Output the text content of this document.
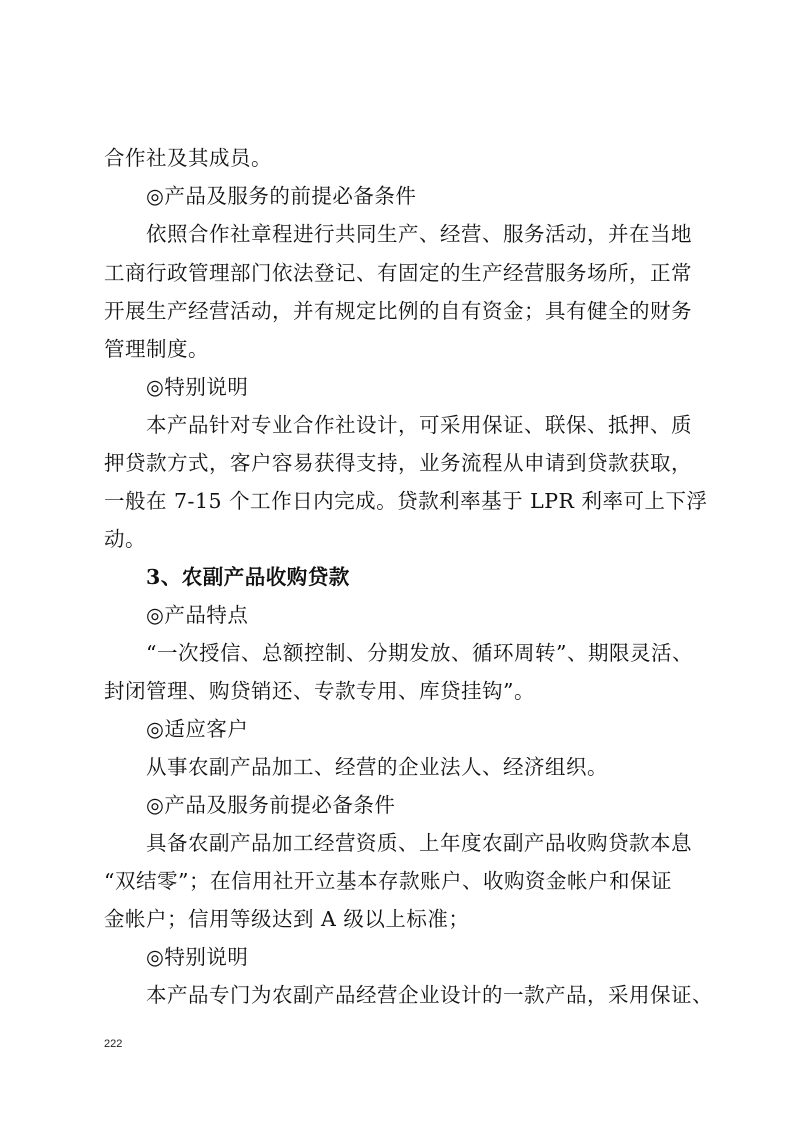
合作社及其成员。
◎产品及服务的前提必备条件
依照合作社章程进行共同生产、经营、服务活动，并在当地
工商行政管理部门依法登记、有固定的生产经营服务场所，正常
开展生产经营活动，并有规定比例的自有资金；具有健全的财务
管理制度。
◎特别说明
本产品针对专业合作社设计，可采用保证、联保、抵押、质
押贷款方式，客户容易获得支持，业务流程从申请到贷款获取，
一般在 7-15 个工作日内完成。贷款利率基于 LPR 利率可上下浮
动。
3、农副产品收购贷款
◎产品特点
“一次授信、总额控制、分期发放、循环周转”、期限灵活、
封闭管理、购贷销还、专款专用、库贷挂钩”。
◎适应客户
从事农副产品加工、经营的企业法人、经济组织。
◎产品及服务前提必备条件
具备农副产品加工经营资质、上年度农副产品收购贷款本息
“双结零”；在信用社开立基本存款账户、收购资金帐户和保证
金帐户；信用等级达到 A 级以上标准；
◎特别说明
本产品专门为农副产品经营企业设计的一款产品，采用保证、
222
